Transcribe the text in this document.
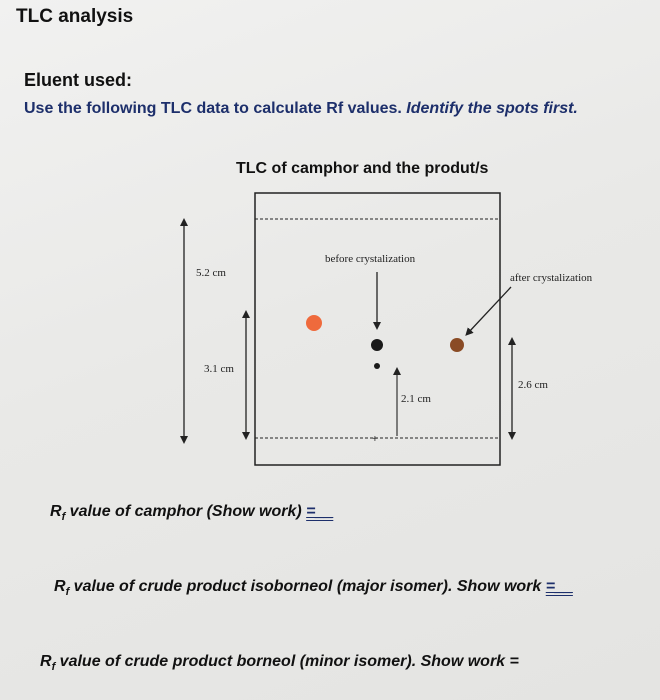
TLC analysis
Eluent used:
Use the following TLC data to calculate Rf values. Identify the spots first.
TLC of camphor and the produt/s
+
before crystalization
after crystalization
5.2 cm
3.1 cm
2.1 cm
2.6 cm
$R_f$ value of camphor (Show work) =__
$R_f$ value of crude product isoborneol (major isomer). Show work =__
$R_f$ value of crude product borneol (minor isomer). Show work =
